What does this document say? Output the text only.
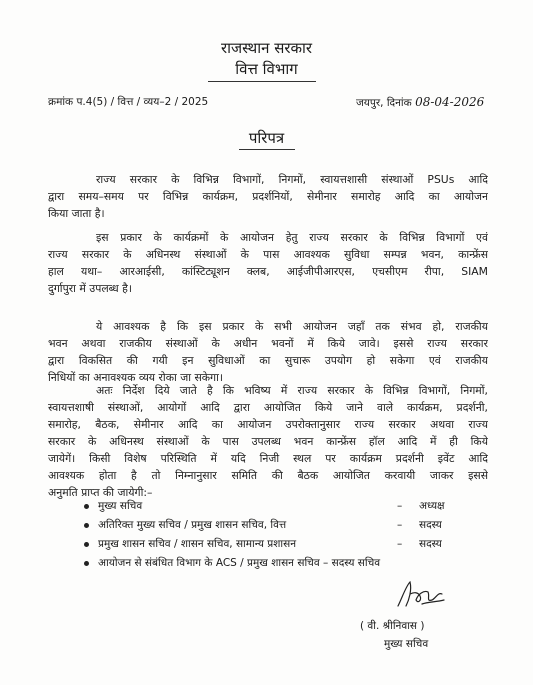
राजस्थान सरकार
वित्त विभाग
क्रमांक प.4(5) / वित्त / व्यय–2 / 2025	जयपुर, दिनांक 08-04-2026
परिपत्र
राज्य सरकार के विभिन्न विभागों, निगमों, स्वायत्तशासी संस्थाओं PSUs आदि
द्वारा समय–समय पर विभिन्न कार्यक्रम, प्रदर्शनियों, सेमीनार समारोह आदि का आयोजन
किया जाता है।
इस प्रकार के कार्यक्रमों के आयोजन हेतु राज्य सरकार के विभिन्न विभागों एवं
राज्य सरकार के अधिनस्थ संस्थाओं के पास आवश्यक सुविधा सम्पन्न भवन, कान्फ्रेंस
हाल यथा– आरआईसी, कांस्टिट्यूशन क्लब, आईजीपीआरएस, एचसीएम रीपा, SIAM
दुर्गापुरा में उपलब्ध है।
ये आवश्यक है कि इस प्रकार के सभी आयोजन जहाँ तक संभव हो, राजकीय
भवन अथवा राजकीय संस्थाओं के अधीन भवनों में किये जावे। इससे राज्य सरकार
द्वारा विकसित की गयी इन सुविधाओं का सुचारू उपयोग हो सकेगा एवं राजकीय
निधियों का अनावश्यक व्यय रोका जा सकेगा।
अतः निर्देश दिये जाते है कि भविष्य में राज्य सरकार के विभिन्न विभागों, निगमों,
स्वायत्तशाषी संस्थाओं, आयोगों आदि द्वारा आयोजित किये जाने वाले कार्यक्रम, प्रदर्शनी,
समारोह, बैठक, सेमीनार आदि का आयोजन उपरोक्तानुसार राज्य सरकार अथवा राज्य
सरकार के अधिनस्थ संस्थाओं के पास उपलब्ध भवन कान्फ्रेंस हॉल आदि में ही किये
जायेगें। किसी विशेष परिस्थिति में यदि निजी स्थल पर कार्यक्रम प्रदर्शनी इवेंट आदि
आवश्यक होता है तो निम्नानुसार समिति की बैठक आयोजित करवायी जाकर इससे
अनुमति प्राप्त की जायेगी:–
मुख्य सचिव	– अध्यक्ष
अतिरिक्त मुख्य सचिव / प्रमुख शासन सचिव, वित्त	– सदस्य
प्रमुख शासन सचिव / शासन सचिव, सामान्य प्रशासन	– सदस्य
आयोजन से संबंधित विभाग के ACS / प्रमुख शासन सचिव – सदस्य सचिव
( वी. श्रीनिवास )
मुख्य सचिव
